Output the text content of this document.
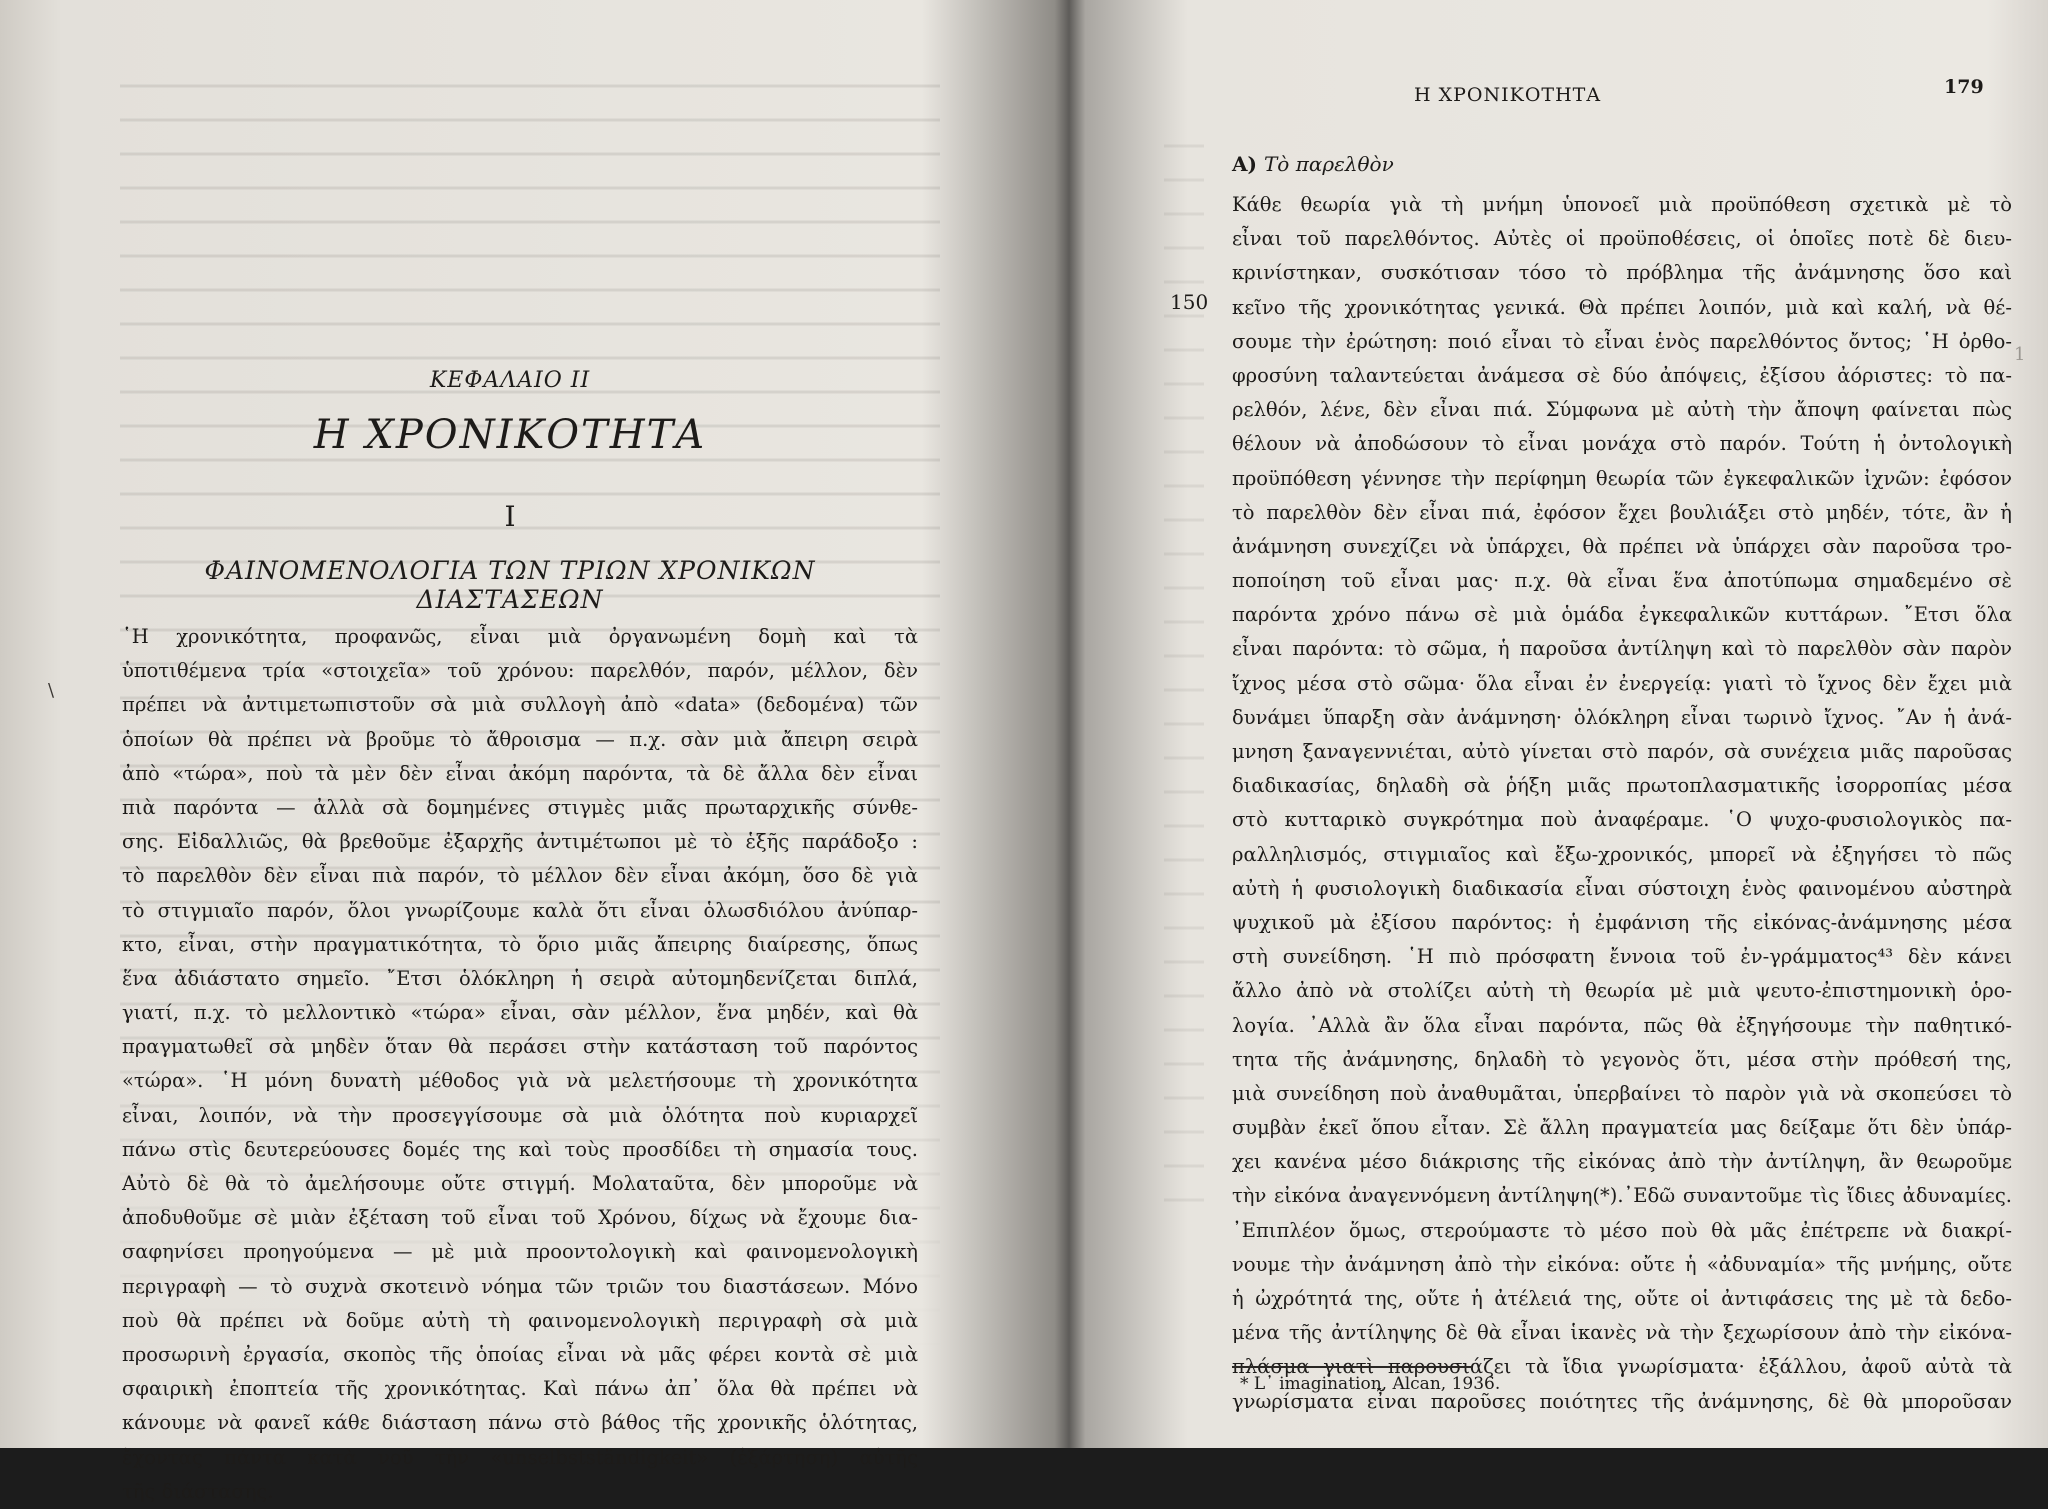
\
ΚΕΦΑΛΑΙΟ ΙΙ
Η ΧΡΟΝΙΚΟΤΗΤΑ
Ι
ΦΑΙΝΟΜΕΝΟΛΟΓΙΑ ΤΩΝ ΤΡΙΩΝ ΧΡΟΝΙΚΩΝ ΔΙΑΣΤΑΣΕΩΝ
῾Η χρονικότητα, προφανῶς, εἶναι μιὰ ὀργανωμένη δομὴ καὶ τὰ
ὑποτιθέμενα τρία «στοιχεῖα» τοῦ χρόνου: παρελθόν, παρόν, μέλλον, δὲν
πρέπει νὰ ἀντιμετωπιστοῦν σὰ μιὰ συλλογὴ ἀπὸ «data» (δεδομένα) τῶν
ὁποίων θὰ πρέπει νὰ βροῦμε τὸ ἄθροισμα — π.χ. σὰν μιὰ ἄπειρη σειρὰ
ἀπὸ «τώρα», ποὺ τὰ μὲν δὲν εἶναι ἀκόμη παρόντα, τὰ δὲ ἄλλα δὲν εἶναι
πιὰ παρόντα — ἀλλὰ σὰ δομημένες στιγμὲς μιᾶς πρωταρχικῆς σύνθε-
σης. Εἰδαλλιῶς, θὰ βρεθοῦμε ἐξαρχῆς ἀντιμέτωποι μὲ τὸ ἑξῆς παράδοξο :
τὸ παρελθὸν δὲν εἶναι πιὰ παρόν, τὸ μέλλον δὲν εἶναι ἀκόμη, ὅσο δὲ γιὰ
τὸ στιγμιαῖο παρόν, ὅλοι γνωρίζουμε καλὰ ὅτι εἶναι ὁλωσδιόλου ἀνύπαρ-
κτο, εἶναι, στὴν πραγματικότητα, τὸ ὅριο μιᾶς ἄπειρης διαίρεσης, ὅπως
ἕνα ἀδιάστατο σημεῖο. ῎Ετσι ὁλόκληρη ἡ σειρὰ αὐτομηδενίζεται διπλά,
γιατί, π.χ. τὸ μελλοντικὸ «τώρα» εἶναι, σὰν μέλλον, ἕνα μηδέν, καὶ θὰ
πραγματωθεῖ σὰ μηδὲν ὅταν θὰ περάσει στὴν κατάσταση τοῦ παρόντος
«τώρα». ῾Η μόνη δυνατὴ μέθοδος γιὰ νὰ μελετήσουμε τὴ χρονικότητα
εἶναι, λοιπόν, νὰ τὴν προσεγγίσουμε σὰ μιὰ ὁλότητα ποὺ κυριαρχεῖ
πάνω στὶς δευτερεύουσες δομές της καὶ τοὺς προσδίδει τὴ σημασία τους.
Αὐτὸ δὲ θὰ τὸ ἀμελήσουμε οὔτε στιγμή. Μολαταῦτα, δὲν μποροῦμε νὰ
ἀποδυθοῦμε σὲ μιὰν ἐξέταση τοῦ εἶναι τοῦ Χρόνου, δίχως νὰ ἔχουμε δια-
σαφηνίσει προηγούμενα — μὲ μιὰ προοντολογικὴ καὶ φαινομενολογικὴ
περιγραφὴ — τὸ συχνὰ σκοτεινὸ νόημα τῶν τριῶν του διαστάσεων. Μόνο
ποὺ θὰ πρέπει νὰ δοῦμε αὐτὴ τὴ φαινομενολογικὴ περιγραφὴ σὰ μιὰ
προσωρινὴ ἐργασία, σκοπὸς τῆς ὁποίας εἶναι νὰ μᾶς φέρει κοντὰ σὲ μιὰ
σφαιρικὴ ἐποπτεία τῆς χρονικότητας. Καὶ πάνω ἀπ᾽ ὅλα θὰ πρέπει νὰ
κάνουμε νὰ φανεῖ κάθε διάσταση πάνω στὸ βάθος τῆς χρονικῆς ὁλότητας,
ἔχοντας πάντα κατὰ νοῦ τὴν «unselbstständigkeit» (ἐξάρτηση) αὐτῆς
τῆς διάστασης.
Η ΧΡΟΝΙΚΟΤΗΤΑ	179
Α) Τὸ παρελθὸν
150
1
Κάθε θεωρία γιὰ τὴ μνήμη ὑπονοεῖ μιὰ προϋπόθεση σχετικὰ μὲ τὸ
εἶναι τοῦ παρελθόντος. Αὐτὲς οἱ προϋποθέσεις, οἱ ὁποῖες ποτὲ δὲ διευ-
κρινίστηκαν, συσκότισαν τόσο τὸ πρόβλημα τῆς ἀνάμνησης ὅσο καὶ
κεῖνο τῆς χρονικότητας γενικά. Θὰ πρέπει λοιπόν, μιὰ καὶ καλή, νὰ θέ-
σουμε τὴν ἐρώτηση: ποιό εἶναι τὸ εἶναι ἑνὸς παρελθόντος ὄντος; ῾Η ὀρθο-
φροσύνη ταλαντεύεται ἀνάμεσα σὲ δύο ἀπόψεις, ἐξίσου ἀόριστες: τὸ πα-
ρελθόν, λένε, δὲν εἶναι πιά. Σύμφωνα μὲ αὐτὴ τὴν ἄποψη φαίνεται πὼς
θέλουν νὰ ἀποδώσουν τὸ εἶναι μονάχα στὸ παρόν. Τούτη ἡ ὀντολογικὴ
προϋπόθεση γέννησε τὴν περίφημη θεωρία τῶν ἐγκεφαλικῶν ἰχνῶν: ἐφόσον
τὸ παρελθὸν δὲν εἶναι πιά, ἐφόσον ἔχει βουλιάξει στὸ μηδέν, τότε, ἂν ἡ
ἀνάμνηση συνεχίζει νὰ ὑπάρχει, θὰ πρέπει νὰ ὑπάρχει σὰν παροῦσα τρο-
ποποίηση τοῦ εἶναι μας· π.χ. θὰ εἶναι ἕνα ἀποτύπωμα σημαδεμένο σὲ
παρόντα χρόνο πάνω σὲ μιὰ ὁμάδα ἐγκεφαλικῶν κυττάρων. ῎Ετσι ὅλα
εἶναι παρόντα: τὸ σῶμα, ἡ παροῦσα ἀντίληψη καὶ τὸ παρελθὸν σὰν παρὸν
ἴχνος μέσα στὸ σῶμα· ὅλα εἶναι ἐν ἐνεργείᾳ: γιατὶ τὸ ἴχνος δὲν ἔχει μιὰ
δυνάμει ὕπαρξη σὰν ἀνάμνηση· ὁλόκληρη εἶναι τωρινὸ ἴχνος. ῎Αν ἡ ἀνά-
μνηση ξαναγεννιέται, αὐτὸ γίνεται στὸ παρόν, σὰ συνέχεια μιᾶς παροῦσας
διαδικασίας, δηλαδὴ σὰ ῥήξη μιᾶς πρωτοπλασματικῆς ἰσορροπίας μέσα
στὸ κυτταρικὸ συγκρότημα ποὺ ἀναφέραμε. ῾Ο ψυχο-φυσιολογικὸς πα-
ραλληλισμός, στιγμιαῖος καὶ ἔξω-χρονικός, μπορεῖ νὰ ἐξηγήσει τὸ πῶς
αὐτὴ ἡ φυσιολογικὴ διαδικασία εἶναι σύστοιχη ἑνὸς φαινομένου αὐστηρὰ
ψυχικοῦ μὰ ἐξίσου παρόντος: ἡ ἐμφάνιση τῆς εἰκόνας-ἀνάμνησης μέσα
στὴ συνείδηση. ῾Η πιὸ πρόσφατη ἔννοια τοῦ ἐν-γράμματος⁴³ δὲν κάνει
ἄλλο ἀπὸ νὰ στολίζει αὐτὴ τὴ θεωρία μὲ μιὰ ψευτο-ἐπιστημονικὴ ὁρο-
λογία. ᾿Αλλὰ ἂν ὅλα εἶναι παρόντα, πῶς θὰ ἐξηγήσουμε τὴν παθητικό-
τητα τῆς ἀνάμνησης, δηλαδὴ τὸ γεγονὸς ὅτι, μέσα στὴν πρόθεσή της,
μιὰ συνείδηση ποὺ ἀναθυμᾶται, ὑπερβαίνει τὸ παρὸν γιὰ νὰ σκοπεύσει τὸ
συμβὰν ἐκεῖ ὅπου εἶταν. Σὲ ἄλλη πραγματεία μας δείξαμε ὅτι δὲν ὑπάρ-
χει κανένα μέσο διάκρισης τῆς εἰκόνας ἀπὸ τὴν ἀντίληψη, ἂν θεωροῦμε
τὴν εἰκόνα ἀναγεννόμενη ἀντίληψη(*).᾿Εδῶ συναντοῦμε τὶς ἴδιες ἀδυναμίες.
᾿Επιπλέον ὅμως, στερούμαστε τὸ μέσο ποὺ θὰ μᾶς ἐπέτρεπε νὰ διακρί-
νουμε τὴν ἀνάμνηση ἀπὸ τὴν εἰκόνα: οὔτε ἡ «ἀδυναμία» τῆς μνήμης, οὔτε
ἡ ὠχρότητά της, οὔτε ἡ ἀτέλειά της, οὔτε οἱ ἀντιφάσεις της μὲ τὰ δεδο-
μένα τῆς ἀντίληψης δὲ θὰ εἶναι ἱκανὲς νὰ τὴν ξεχωρίσουν ἀπὸ τὴν εἰκόνα-
πλάσμα γιατὶ παρουσιάζει τὰ ἴδια γνωρίσματα· ἐξάλλου, ἀφοῦ αὐτὰ τὰ
γνωρίσματα εἶναι παροῦσες ποιότητες τῆς ἀνάμνησης, δὲ θὰ μποροῦσαν
* L᾽ imagination, Alcan, 1936.
